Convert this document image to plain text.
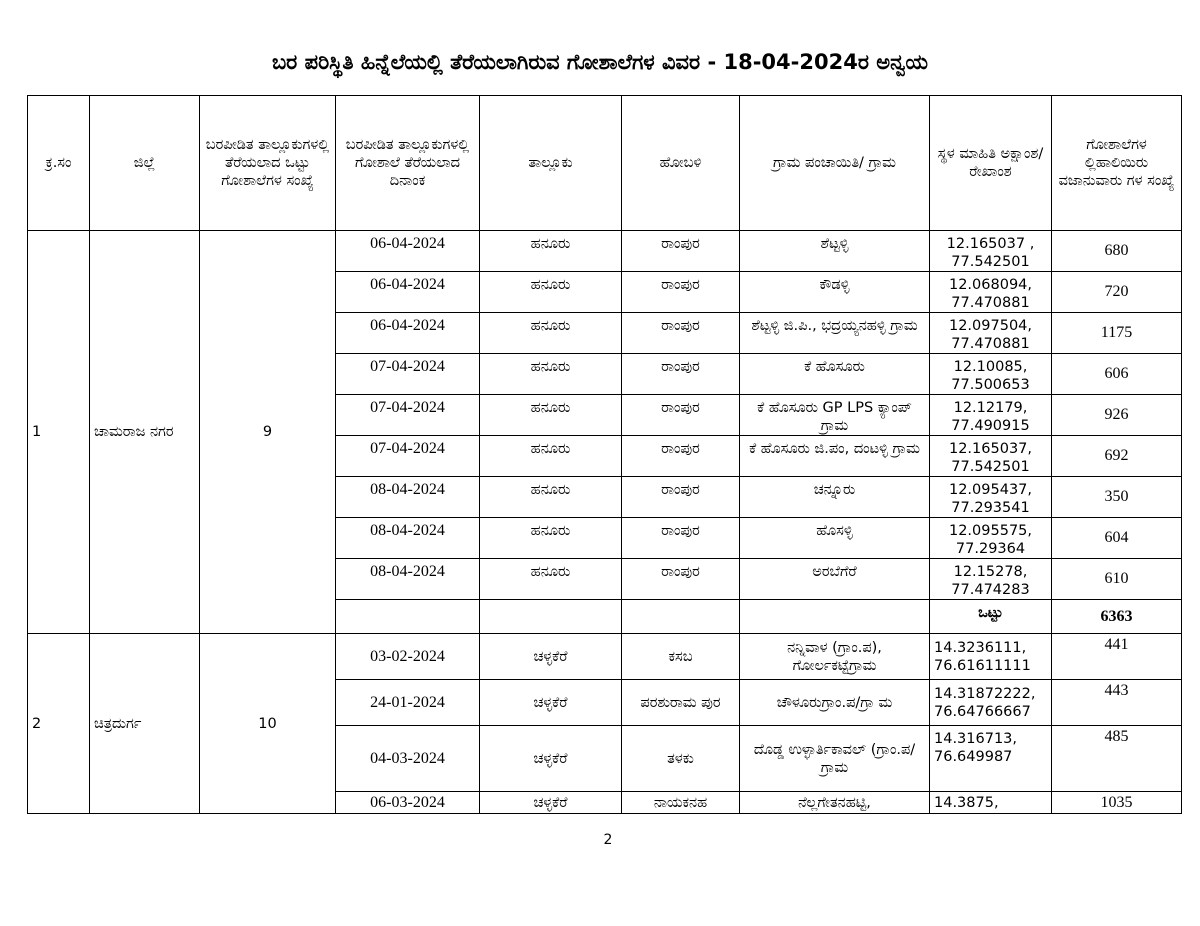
ಬರ ಪರಿಸ್ಥಿತಿ ಹಿನ್ನೆಲೆಯಲ್ಲಿ ತೆರೆಯಲಾಗಿರುವ ಗೋಶಾಲೆಗಳ ವಿವರ - 18-04-2024ರ ಅನ್ವಯ
ಕ್ರ.ಸಂ	ಜಿಲ್ಲೆ	ಬರಪೀಡಿತ ತಾಲ್ಲೂಕುಗಳಲ್ಲಿ ತೆರೆಯಲಾದ ಒಟ್ಟು ಗೋಶಾಲೆಗಳ ಸಂಖ್ಯೆ	ಬರಪೀಡಿತ ತಾಲ್ಲೂಕುಗಳಲ್ಲಿ ಗೋಶಾಲೆ ತೆರೆಯಲಾದ ದಿನಾಂಕ	ತಾಲ್ಲೂಕು	ಹೋಬಳಿ	ಗ್ರಾಮ ಪಂಚಾಯಿತಿ/ ಗ್ರಾಮ	ಸ್ಥಳ ಮಾಹಿತಿ ಅಕ್ಷಾಂಶ/ ರೇಖಾಂಶ	ಗೋಶಾಲೆಗಳ ಲ್ಲಿಹಾಲಿಯಿರು ವಜಾನುವಾರು ಗಳ ಸಂಖ್ಯೆ
1	ಚಾಮರಾಜ ನಗರ	9	06-04-2024	ಹನೂರು	ರಾಂಪುರ	ಶೆಟ್ಟಳ್ಳಿ	12.165037 , 77.542501	680
			06-04-2024	ಹನೂರು	ರಾಂಪುರ	ಕೌಡಳ್ಳಿ	12.068094, 77.470881	720
			06-04-2024	ಹನೂರು	ರಾಂಪುರ	ಶೆಟ್ಟಳ್ಳಿ ಜಿ.ಪಿ., ಭದ್ರಯ್ಯನಹಳ್ಳಿ ಗ್ರಾಮ	12.097504, 77.470881	1175
			07-04-2024	ಹನೂರು	ರಾಂಪುರ	ಕೆ ಹೊಸೂರು	12.10085, 77.500653	606
			07-04-2024	ಹನೂರು	ರಾಂಪುರ	ಕೆ ಹೊಸೂರು GP LPS ಕ್ಯಾಂಪ್ ಗ್ರಾಮ	12.12179, 77.490915	926
			07-04-2024	ಹನೂರು	ರಾಂಪುರ	ಕೆ ಹೊಸೂರು ಜಿ.ಪಂ, ದಂಟಳ್ಳಿ ಗ್ರಾಮ	12.165037, 77.542501	692
			08-04-2024	ಹನೂರು	ರಾಂಪುರ	ಚನ್ನೂರು	12.095437, 77.293541	350
			08-04-2024	ಹನೂರು	ರಾಂಪುರ	ಹೊಸಳ್ಳಿ	12.095575, 77.29364	604
			08-04-2024	ಹನೂರು	ರಾಂಪುರ	ಅರಬೆಗೆರೆ	12.15278, 77.474283	610
							ಒಟ್ಟು	6363
2	ಚಿತ್ರದುರ್ಗ	10	03-02-2024	ಚಳ್ಳಕೆರೆ	ಕಸಬ	ನನ್ನಿವಾಳ (ಗ್ರಾಂ.ಪ), ಗೋರ್ಲಕಟ್ಟೆಗ್ರಾಮ	14.3236111, 76.61611111	441
			24-01-2024	ಚಳ್ಳಕೆರೆ	ಪರಶುರಾಮ ಪುರ	ಚೌಳೂರುಗ್ರಾಂ.ಪ/ಗ್ರಾ ಮ	14.31872222, 76.64766667	443
			04-03-2024	ಚಳ್ಳಕೆರೆ	ತಳಕು	ದೊಡ್ಡ ಉಳ್ಳಾರ್ತಿಕಾವಲ್ (ಗ್ರಾಂ.ಪ/ಗ್ರಾಮ	14.316713, 76.649987	485
			06-03-2024	ಚಳ್ಳಕೆರೆ	ನಾಯಕನಹ	ನೆಲ್ಲಗೇತನಹಟ್ಟಿ,	14.3875,	1035
2
